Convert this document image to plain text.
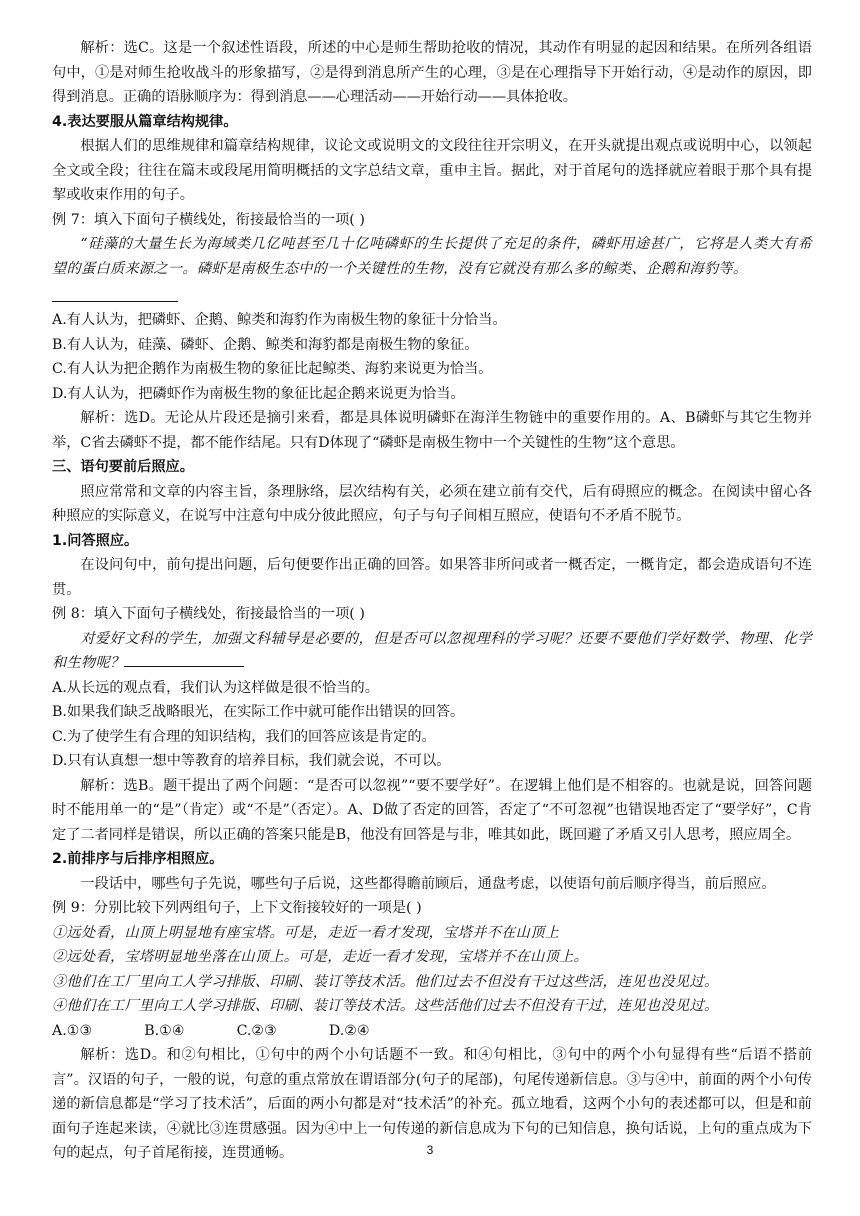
解析：选C。这是一个叙述性语段，所述的中心是师生帮助抢收的情况，其动作有明显的起因和结果。在所列各组语句中，①是对师生抢收战斗的形象描写，②是得到消息所产生的心理，③是在心理指导下开始行动，④是动作的原因，即得到消息。正确的语脉顺序为：得到消息——心理活动——开始行动——具体抢收。

4.表达要服从篇章结构规律。

根据人们的思维规律和篇章结构规律，议论文或说明文的文段往往开宗明义，在开头就提出观点或说明中心，以领起全文或全段；往往在篇末或段尾用简明概括的文字总结文章，重申主旨。据此，对于首尾句的选择就应着眼于那个具有提挈或收束作用的句子。

例 7：填入下面句子横线处，衔接最恰当的一项( )

“硅藻的大量生长为海域类几亿吨甚至几十亿吨磷虾的生长提供了充足的条件，磷虾用途甚广，它将是人类大有希望的蛋白质来源之一。磷虾是南极生态中的一个关键性的生物，没有它就没有那么多的鲸类、企鹅和海豹等。

A.有人认为，把磷虾、企鹅、鲸类和海豹作为南极生物的象征十分恰当。

B.有人认为，硅藻、磷虾、企鹅、鲸类和海豹都是南极生物的象征。

C.有人认为把企鹅作为南极生物的象征比起鲸类、海豹来说更为恰当。

D.有人认为，把磷虾作为南极生物的象征比起企鹅来说更为恰当。

解析：选D。无论从片段还是摘引来看，都是具体说明磷虾在海洋生物链中的重要作用的。A、B磷虾与其它生物并举，C省去磷虾不提，都不能作结尾。只有D体现了“磷虾是南极生物中一个关键性的生物”这个意思。

三、语句要前后照应。

照应常常和文章的内容主旨，条理脉络，层次结构有关，必须在建立前有交代，后有碍照应的概念。在阅读中留心各种照应的实际意义，在说写中注意句中成分彼此照应，句子与句子间相互照应，使语句不矛盾不脱节。

1.问答照应。

在设问句中，前句提出问题，后句便要作出正确的回答。如果答非所问或者一概否定，一概肯定，都会造成语句不连贯。

例 8：填入下面句子横线处，衔接最恰当的一项( )

对爱好文科的学生，加强文科辅导是必要的，但是否可以忽视理科的学习呢？还要不要他们学好数学、物理、化学和生物呢？

A.从长远的观点看，我们认为这样做是很不恰当的。

B.如果我们缺乏战略眼光，在实际工作中就可能作出错误的回答。

C.为了使学生有合理的知识结构，我们的回答应该是肯定的。

D.只有认真想一想中等教育的培养目标，我们就会说，不可以。

解析：选B。题干提出了两个问题：“是否可以忽视”“要不要学好”。在逻辑上他们是不相容的。也就是说，回答问题时不能用单一的“是”（肯定）或“不是”（否定）。A、D做了否定的回答，否定了“不可忽视”也错误地否定了“要学好”，C肯定了二者同样是错误，所以正确的答案只能是B，他没有回答是与非，唯其如此，既回避了矛盾又引人思考，照应周全。

2.前排序与后排序相照应。

一段话中，哪些句子先说，哪些句子后说，这些都得瞻前顾后，通盘考虑，以使语句前后顺序得当，前后照应。

例 9：分别比较下列两组句子，上下文衔接较好的一项是( )

①远处看，山顶上明显地有座宝塔。可是，走近一看才发现，宝塔并不在山顶上

②远处看，宝塔明显地坐落在山顶上。可是，走近一看才发现，宝塔并不在山顶上。

③他们在工厂里向工人学习排版、印刷、装订等技术活。他们过去不但没有干过这些活，连见也没见过。

④他们在工厂里向工人学习排版、印刷、装订等技术活。这些活他们过去不但没有干过，连见也没见过。

A.①③	B.①④	C.②③	D.②④

解析：选D。和②句相比，①句中的两个小句话题不一致。和④句相比，③句中的两个小句显得有些“后语不搭前言”。汉语的句子，一般的说，句意的重点常放在谓语部分(句子的尾部)，句尾传递新信息。③与④中，前面的两个小句传递的新信息都是“学习了技术活”，后面的两小句都是对“技术活”的补充。孤立地看，这两个小句的表述都可以，但是和前面句子连起来读，④就比③连贯感强。因为④中上一句传递的新信息成为下句的已知信息，换句话说，上句的重点成为下句的起点，句子首尾衔接，连贯通畅。	3
